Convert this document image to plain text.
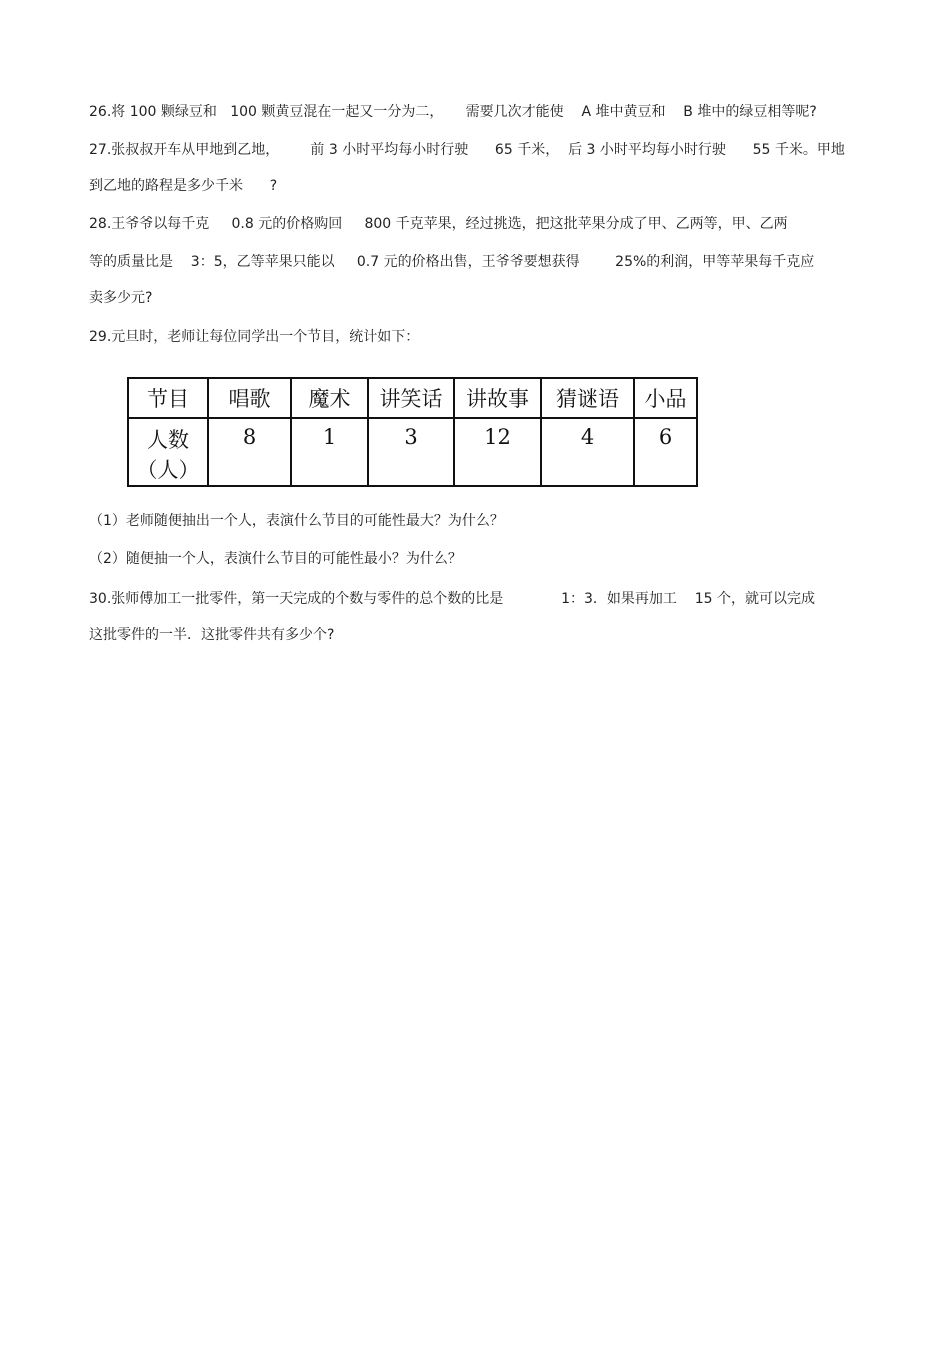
26.将 100 颗绿豆和   100 颗黄豆混在一起又一分为二，     需要几次才能使    A 堆中黄豆和    B 堆中的绿豆相等呢?
27.张叔叔开车从甲地到乙地，       前 3 小时平均每小时行驶      65 千米，  后 3 小时平均每小时行驶      55 千米。甲地
到乙地的路程是多少千米      ?
28.王爷爷以每千克     0.8 元的价格购回     800 千克苹果，经过挑选，把这批苹果分成了甲、乙两等，甲、乙两
等的质量比是    3：5，乙等苹果只能以     0.7 元的价格出售，王爷爷要想获得        25%的利润，甲等苹果每千克应
卖多少元?
29.元旦时，老师让每位同学出一个节目，统计如下：
节目	唱歌	魔术	讲笑话	讲故事	猜谜语	小品

人数
（人）	8	1	3	12	4	6
（1）老师随便抽出一个人，表演什么节目的可能性最大？为什么？
（2）随便抽一个人，表演什么节目的可能性最小？为什么？
30.张师傅加工一批零件，第一天完成的个数与零件的总个数的比是             1：3．如果再加工    15 个，就可以完成
这批零件的一半．这批零件共有多少个?
